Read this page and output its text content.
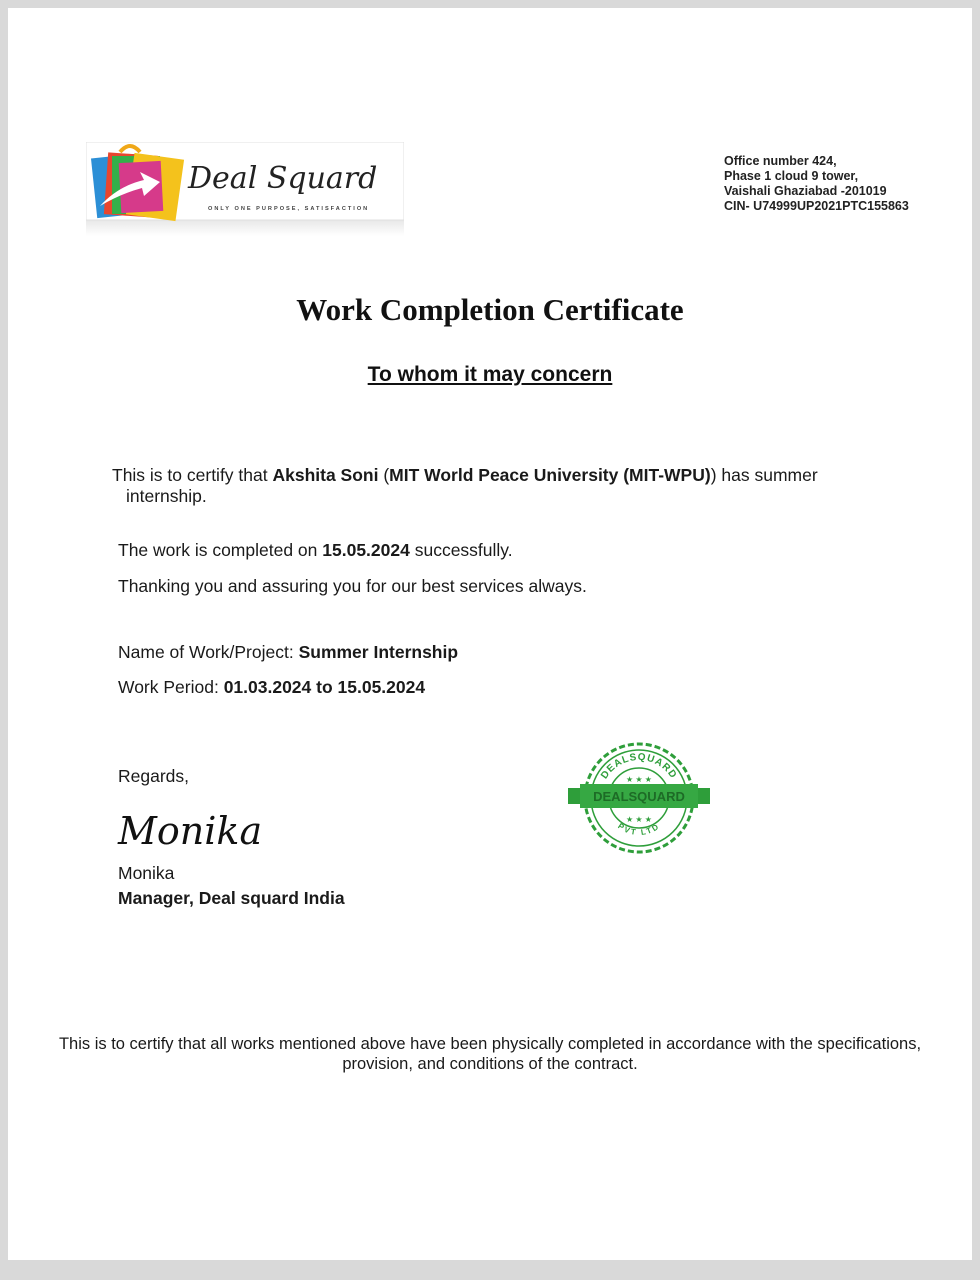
Deal Squard
ONLY ONE PURPOSE, SATISFACTION
Office number 424,
Phase 1 cloud 9 tower,
Vaishali Ghaziabad -201019
CIN- U74999UP2021PTC155863
Work Completion Certificate
To whom it may concern
This is to certify that Akshita Soni (MIT World Peace University (MIT-WPU)) has summer
internship.
The work is completed on 15.05.2024 successfully.
Thanking you and assuring you for our best services always.
Name of Work/Project: Summer Internship
Work Period: 01.03.2024 to 15.05.2024
Regards,
Monika
Monika
Manager, Deal squard India
DEALSQUARD
PVT LTD
★ ★ ★
★ ★ ★
DEALSQUARD
This is to certify that all works mentioned above have been physically completed in accordance with the specifications,
provision, and conditions of the contract.
